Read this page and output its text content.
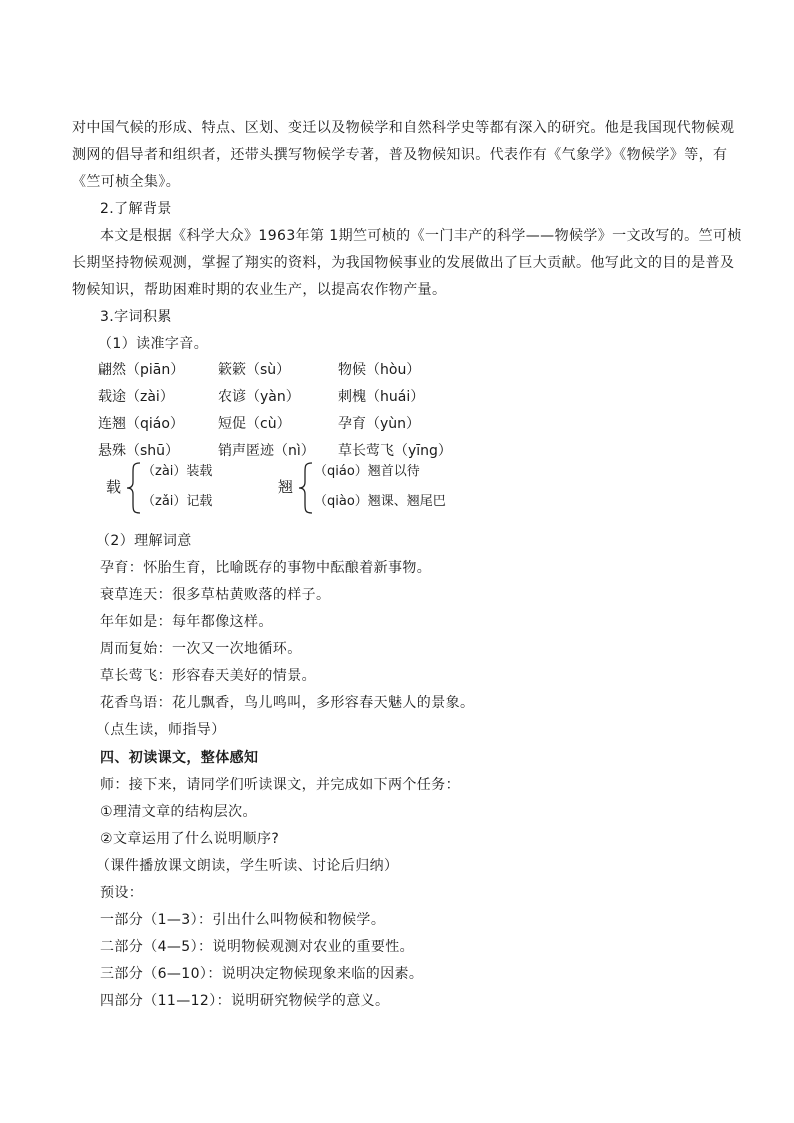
对中国气候的形成、特点、区划、变迁以及物候学和自然科学史等都有深入的研究。他是我国现代物候观
测网的倡导者和组织者，还带头撰写物候学专著，普及物候知识。代表作有《气象学》《物候学》等，有
《竺可桢全集》。
2.了解背景
本文是根据《科学大众》1963年第 1期竺可桢的《一门丰产的科学——物候学》一文改写的。竺可桢
长期坚持物候观测，掌握了翔实的资料，为我国物候事业的发展做出了巨大贡献。他写此文的目的是普及
物候知识，帮助困难时期的农业生产，以提高农作物产量。
3.字词积累
（1）读准字音。
翩然（piān） 簌簌（sù）	物候（hòu）
载途（zài）	农谚（yàn）	刺槐（huái）
连翘（qiáo） 短促（cù）	孕育（yùn）
悬殊（shū）	销声匿迹（nì） 草长莺飞（yīng）
载
（zài）装载
（zǎi）记载
翘
（qiáo）翘首以待
（qiào）翘课、翘尾巴
（2）理解词意
孕育：怀胎生育，比喻既存的事物中酝酿着新事物。
衰草连天：很多草枯黄败落的样子。
年年如是：每年都像这样。
周而复始：一次又一次地循环。
草长莺飞：形容春天美好的情景。
花香鸟语：花儿飘香，鸟儿鸣叫，多形容春天魅人的景象。
（点生读，师指导）
四、初读课文，整体感知
师：接下来，请同学们听读课文，并完成如下两个任务：
①理清文章的结构层次。
②文章运用了什么说明顺序?
（课件播放课文朗读，学生听读、讨论后归纳）
预设：
一部分（1—3）：引出什么叫物候和物候学。
二部分（4—5）：说明物候观测对农业的重要性。
三部分（6—10）：说明决定物候现象来临的因素。
四部分（11—12）：说明研究物候学的意义。
